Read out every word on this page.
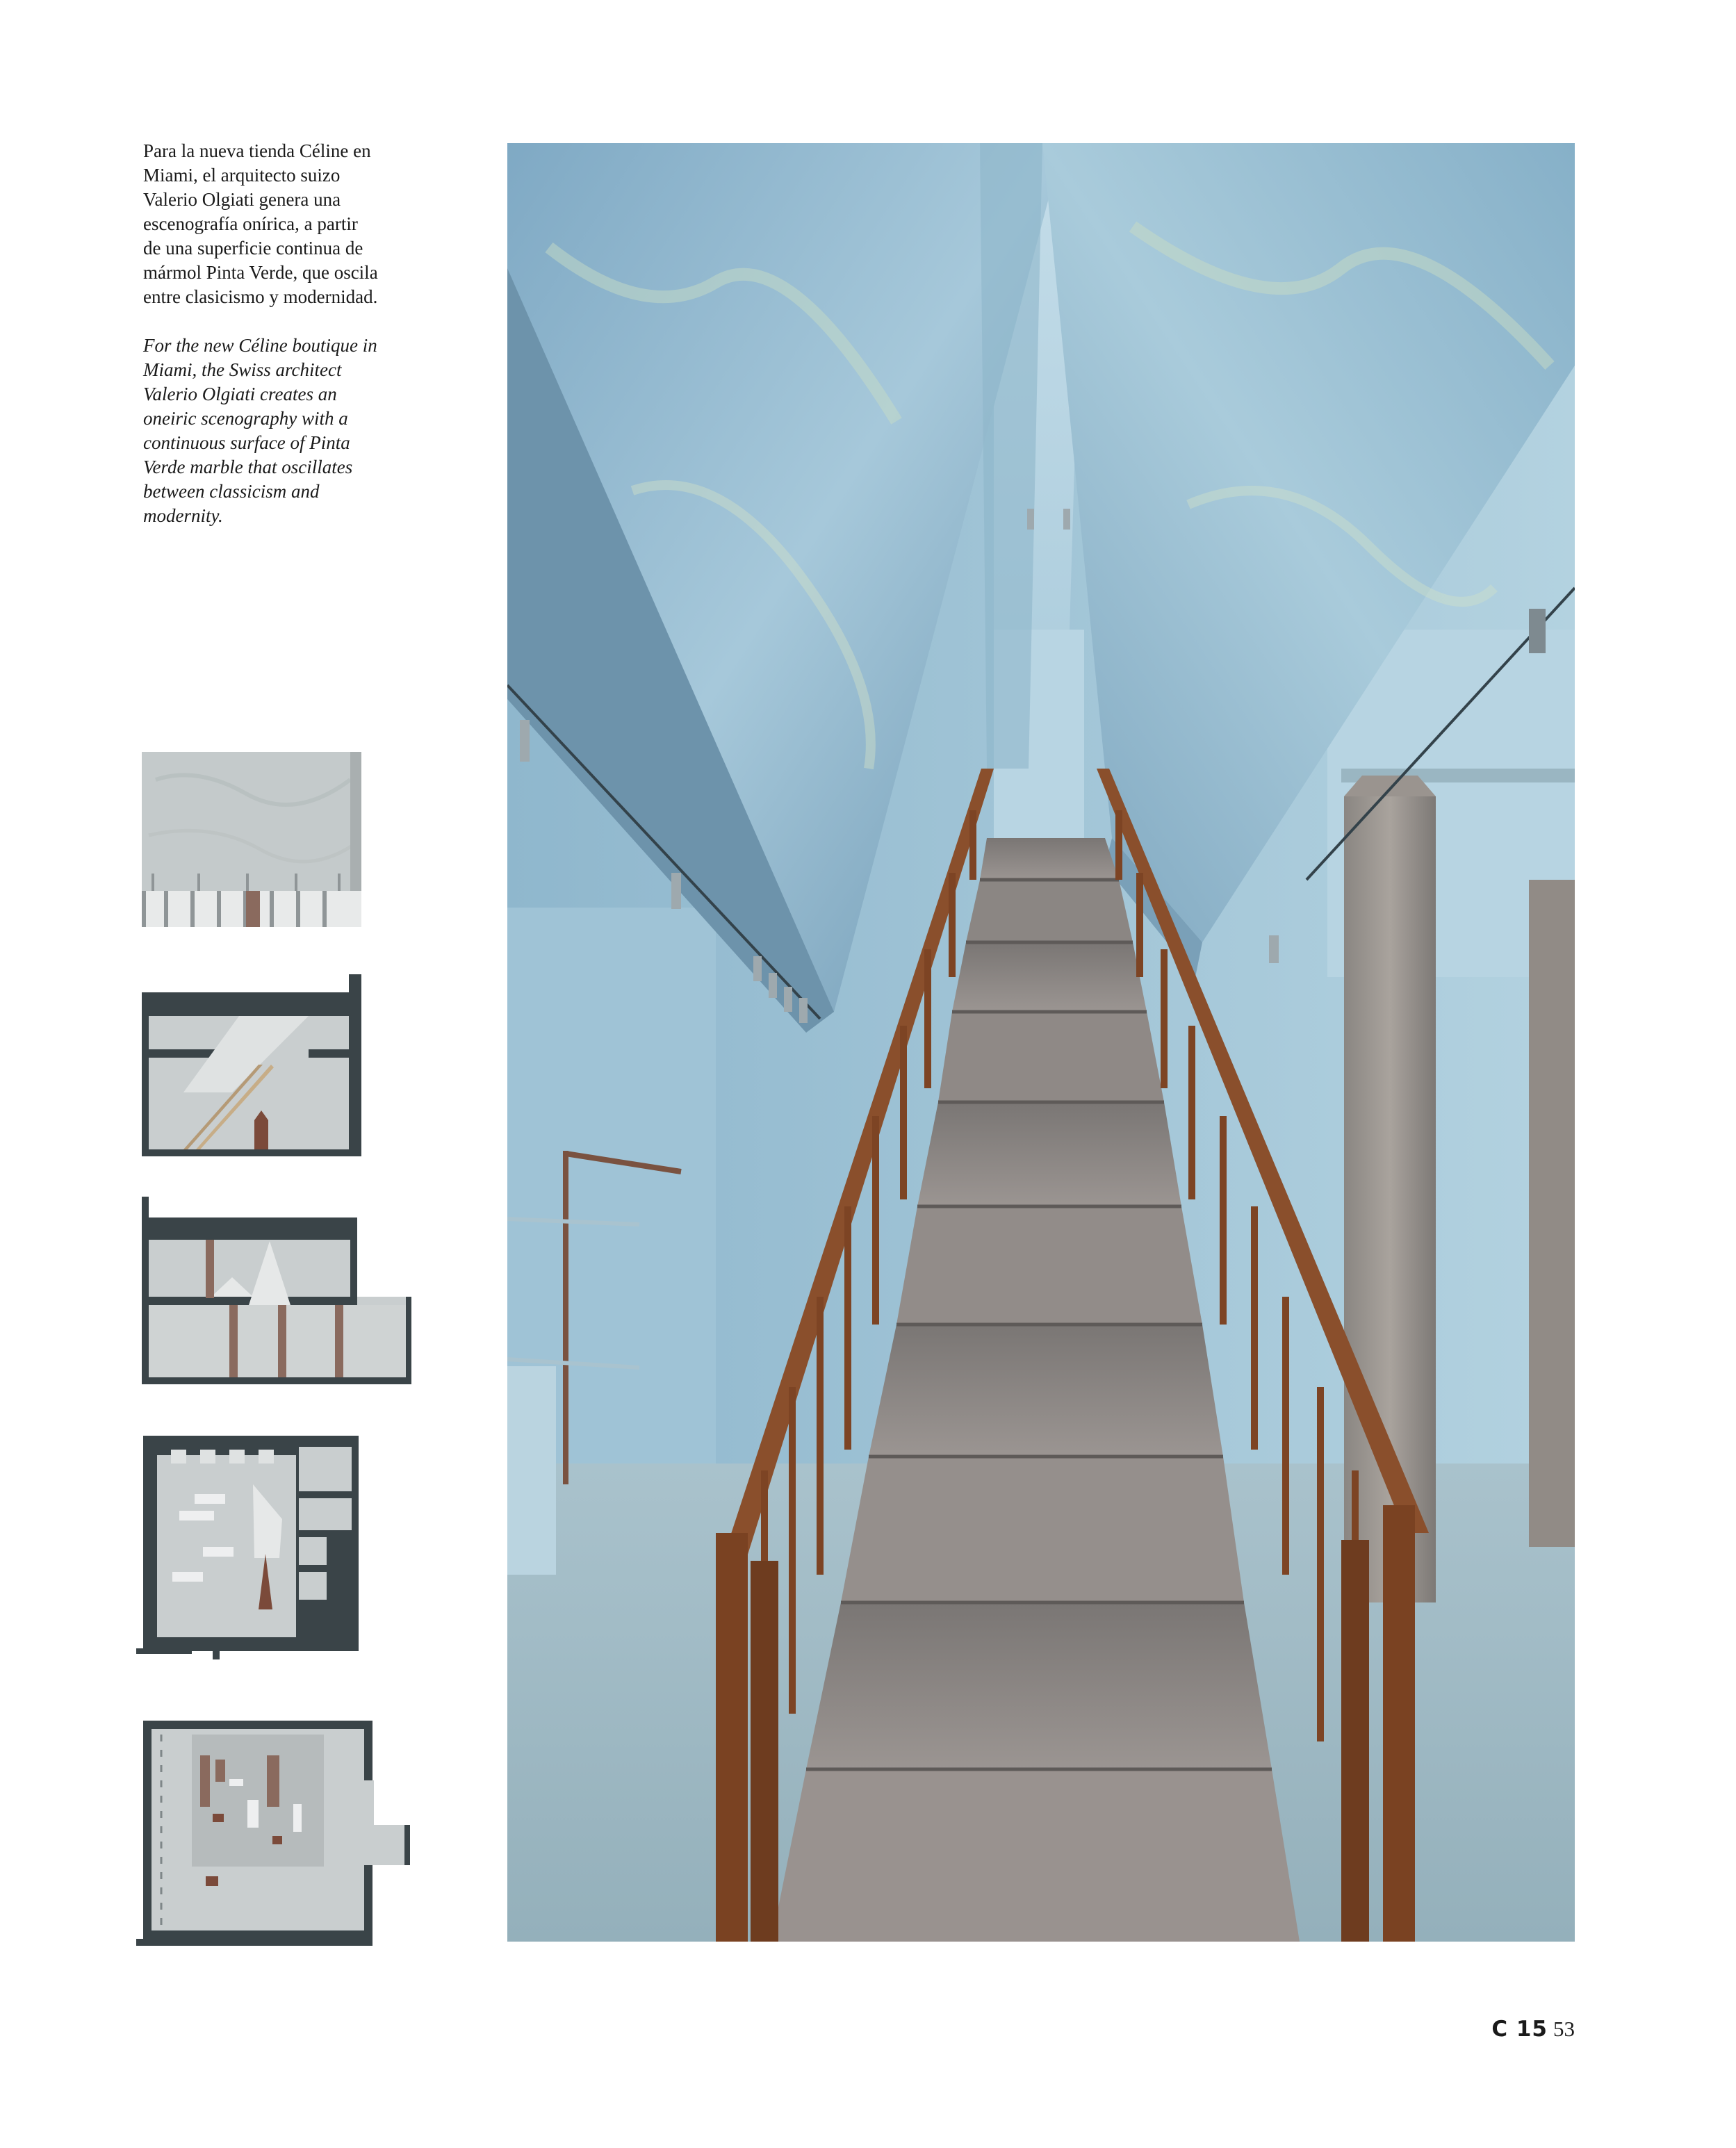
Para la nueva tienda Céline en Miami, el arquitecto suizo Valerio Olgiati genera una escenografía onírica, a partir de una superficie continua de mármol Pinta Verde, que oscila entre clasicismo y modernidad.

For the new Céline boutique in Miami, the Swiss architect Valerio Olgiati creates an oneiric scenography with a continuous surface of Pinta Verde marble that oscillates between classicism and modernity.

C 15 53
